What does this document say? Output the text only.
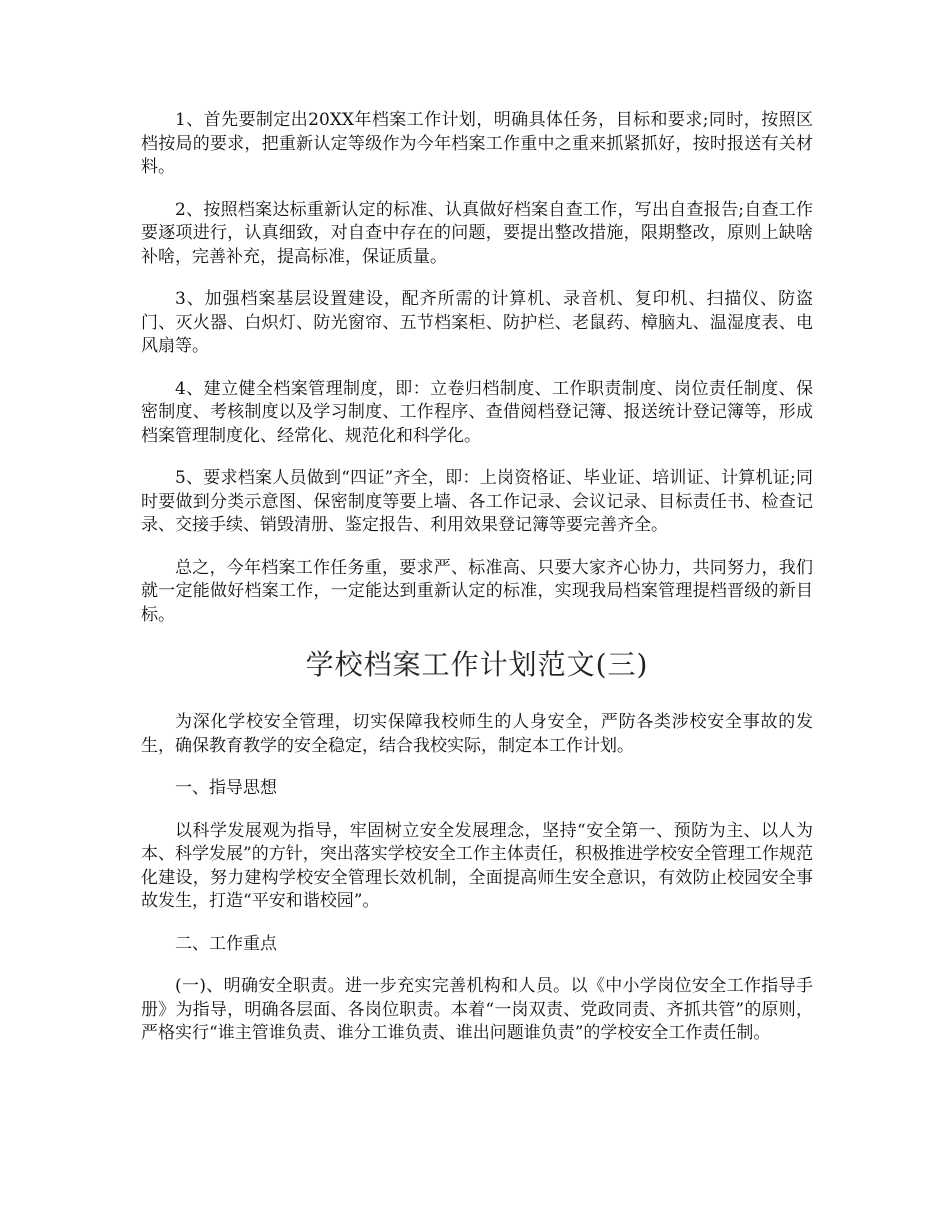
1、首先要制定出20XX年档案工作计划，明确具体任务，目标和要求;同时，按照区档按局的要求，把重新认定等级作为今年档案工作重中之重来抓紧抓好，按时报送有关材料。

2、按照档案达标重新认定的标准、认真做好档案自查工作，写出自查报告;自查工作要逐项进行，认真细致，对自查中存在的问题，要提出整改措施，限期整改，原则上缺啥补啥，完善补充，提高标准，保证质量。

3、加强档案基层设置建设，配齐所需的计算机、录音机、复印机、扫描仪、防盗门、灭火器、白炽灯、防光窗帘、五节档案柜、防护栏、老鼠药、樟脑丸、温湿度表、电风扇等。

4、建立健全档案管理制度，即：立卷归档制度、工作职责制度、岗位责任制度、保密制度、考核制度以及学习制度、工作程序、查借阅档登记簿、报送统计登记簿等，形成档案管理制度化、经常化、规范化和科学化。

5、要求档案人员做到“四证”齐全，即：上岗资格证、毕业证、培训证、计算机证;同时要做到分类示意图、保密制度等要上墙、各工作记录、会议记录、目标责任书、检查记录、交接手续、销毁清册、鉴定报告、利用效果登记簿等要完善齐全。

总之，今年档案工作任务重，要求严、标准高、只要大家齐心协力，共同努力，我们就一定能做好档案工作，一定能达到重新认定的标准，实现我局档案管理提档晋级的新目标。

学校档案工作计划范文(三)

为深化学校安全管理，切实保障我校师生的人身安全，严防各类涉校安全事故的发生，确保教育教学的安全稳定，结合我校实际，制定本工作计划。

一、指导思想

以科学发展观为指导，牢固树立安全发展理念，坚持“安全第一、预防为主、以人为本、科学发展”的方针，突出落实学校安全工作主体责任，积极推进学校安全管理工作规范化建设，努力建构学校安全管理长效机制，全面提高师生安全意识，有效防止校园安全事故发生，打造“平安和谐校园”。

二、工作重点

(一)、明确安全职责。进一步充实完善机构和人员。以《中小学岗位安全工作指导手册》为指导，明确各层面、各岗位职责。本着“一岗双责、党政同责、齐抓共管”的原则，严格实行“谁主管谁负责、谁分工谁负责、谁出问题谁负责”的学校安全工作责任制。
